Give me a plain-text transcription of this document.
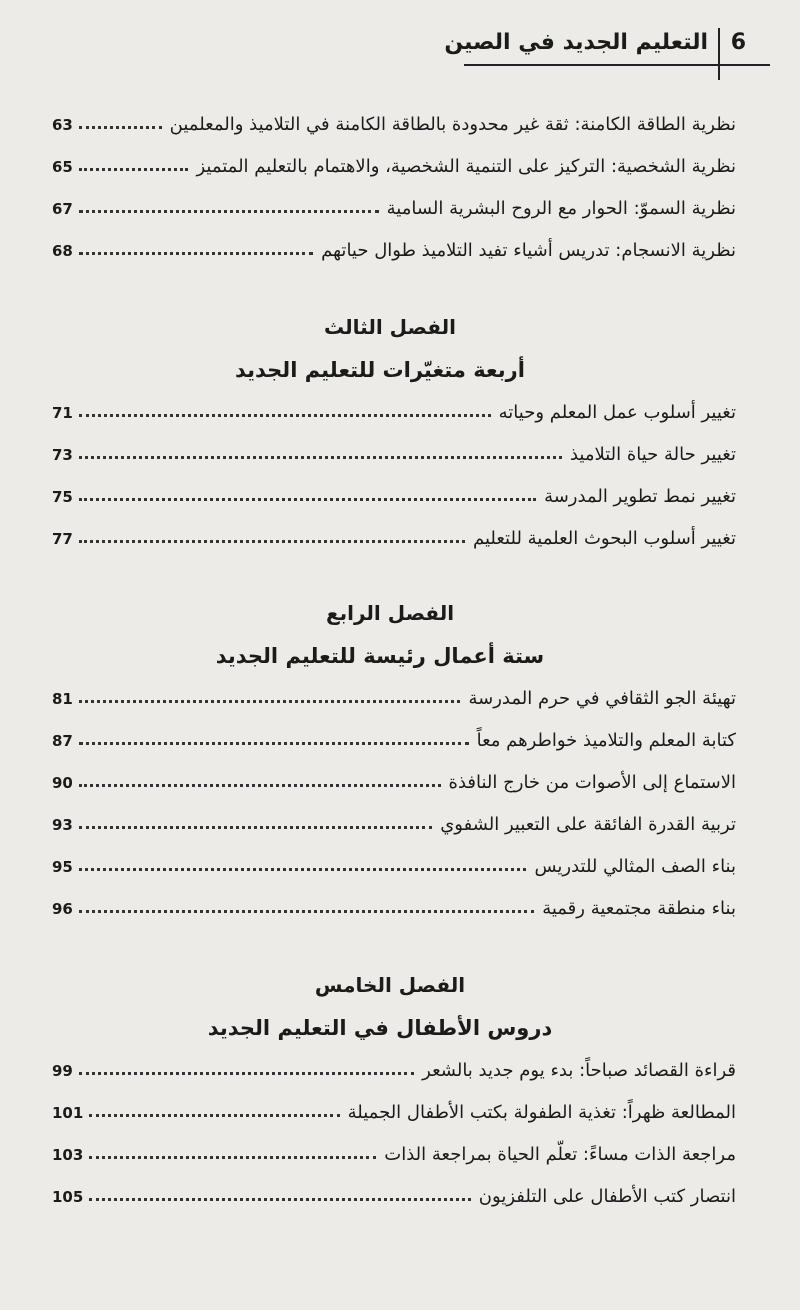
التعليم الجديد في الصين 6
63	نظرية الطاقة الكامنة: ثقة غير محدودة بالطاقة الكامنة في التلاميذ والمعلمين
65	نظرية الشخصية: التركيز على التنمية الشخصية، والاهتمام بالتعليم المتميز
67	نظرية السموّ: الحوار مع الروح البشرية السامية
68	نظرية الانسجام: تدريس أشياء تفيد التلاميذ طوال حياتهم
الفصل الثالث
أربعة متغيّرات للتعليم الجديد
71	تغيير أسلوب عمل المعلم وحياته
73	تغيير حالة حياة التلاميذ
75	تغيير نمط تطوير المدرسة
77	تغيير أسلوب البحوث العلمية للتعليم
الفصل الرابع
ستة أعمال رئيسة للتعليم الجديد
81	تهيئة الجو الثقافي في حرم المدرسة
87	كتابة المعلم والتلاميذ خواطرهم معاً
90	الاستماع إلى الأصوات من خارج النافذة
93	تربية القدرة الفائقة على التعبير الشفوي
95	بناء الصف المثالي للتدريس
96	بناء منطقة مجتمعية رقمية
الفصل الخامس
دروس الأطفال في التعليم الجديد
99	قراءة القصائد صباحاً: بدء يوم جديد بالشعر
101	المطالعة ظهراً: تغذية الطفولة بكتب الأطفال الجميلة
103	مراجعة الذات مساءً: تعلّم الحياة بمراجعة الذات
105	انتصار كتب الأطفال على التلفزيون
